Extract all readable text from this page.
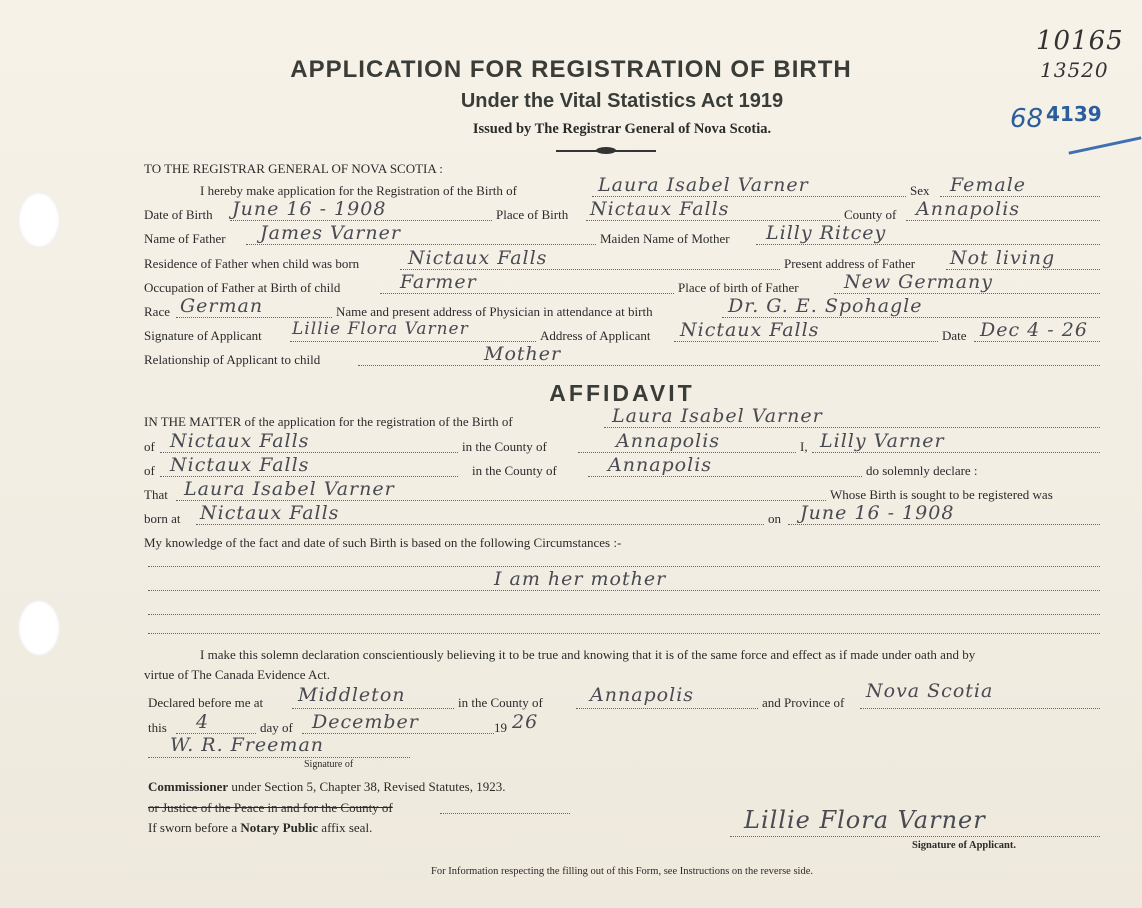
10165
13520
68 4139
APPLICATION FOR REGISTRATION OF BIRTH
Under the Vital Statistics Act 1919
Issued by The Registrar General of Nova Scotia.
TO THE REGISTRAR GENERAL OF NOVA SCOTIA :
I hereby make application for the Registration of the Birth of	Laura Isabel Varner	Sex Female
Date of Birth June 16 - 1908	Place of Birth Nictaux Falls	County of Annapolis
Name of Father James Varner	Maiden Name of Mother Lilly Ritcey
Residence of Father when child was born	Nictaux Falls	Present address of Father Not living
Occupation of Father at Birth of child	Farmer	Place of birth of Father New Germany
Race German	Name and present address of Physician in attendance at birth	Dr. G. E. Spohagle
Signature of Applicant Lillie Flora Varner	Address of Applicant Nictaux Falls	Date Dec 4 - 26
Relationship of Applicant to child	Mother
AFFIDAVIT
IN THE MATTER of the application for the registration of the Birth of	Laura Isabel Varner
of Nictaux Falls	in the County of	Annapolis	I, Lilly Varner
of Nictaux Falls	in the County of	Annapolis	do solemnly declare :
That Laura Isabel Varner	Whose Birth is sought to be registered was
born at Nictaux Falls	on June 16 - 1908
My knowledge of the fact and date of such Birth is based on the following Circumstances :-
I am her mother
I make this solemn declaration conscientiously believing it to be true and knowing that it is of the same force and effect as if made under oath and by
virtue of The Canada Evidence Act.
Declared before me at Middleton	in the County of Annapolis	and Province of
Nova Scotia
this 4	day of December	19 26
W. R. Freeman
Signature of
Commissioner under Section 5, Chapter 38, Revised Statutes, 1923.
or Justice of the Peace in and for the County of
If sworn before a Notary Public affix seal.	Lillie Flora Varner
Signature of Applicant.
For Information respecting the filling out of this Form, see Instructions on the reverse side.
